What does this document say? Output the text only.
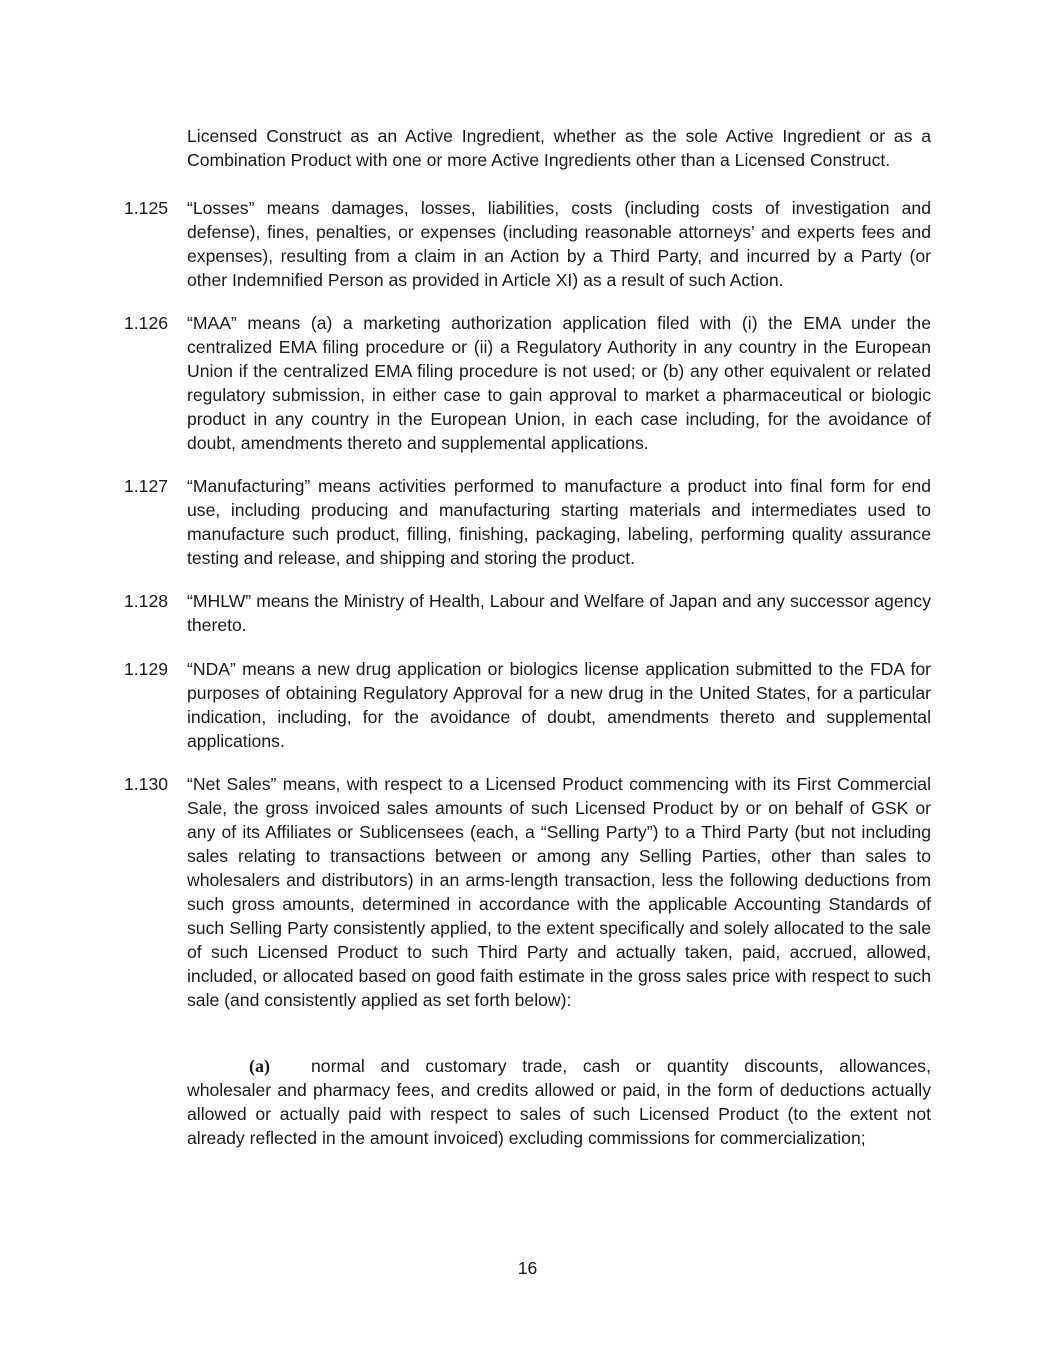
Licensed Construct as an Active Ingredient, whether as the sole Active Ingredient or as a Combination Product with one or more Active Ingredients other than a Licensed Construct.

1.125 “Losses” means damages, losses, liabilities, costs (including costs of investigation and defense), fines, penalties, or expenses (including reasonable attorneys’ and experts fees and expenses), resulting from a claim in an Action by a Third Party, and incurred by a Party (or other Indemnified Person as provided in Article XI) as a result of such Action.

1.126 “MAA” means (a) a marketing authorization application filed with (i) the EMA under the centralized EMA filing procedure or (ii) a Regulatory Authority in any country in the European Union if the centralized EMA filing procedure is not used; or (b) any other equivalent or related regulatory submission, in either case to gain approval to market a pharmaceutical or biologic product in any country in the European Union, in each case including, for the avoidance of doubt, amendments thereto and supplemental applications.

1.127 “Manufacturing” means activities performed to manufacture a product into final form for end use, including producing and manufacturing starting materials and intermediates used to manufacture such product, filling, finishing, packaging, labeling, performing quality assurance testing and release, and shipping and storing the product.

1.128 “MHLW” means the Ministry of Health, Labour and Welfare of Japan and any successor agency thereto.

1.129 “NDA” means a new drug application or biologics license application submitted to the FDA for purposes of obtaining Regulatory Approval for a new drug in the United States, for a particular indication, including, for the avoidance of doubt, amendments thereto and supplemental applications.

1.130 “Net Sales” means, with respect to a Licensed Product commencing with its First Commercial Sale, the gross invoiced sales amounts of such Licensed Product by or on behalf of GSK or any of its Affiliates or Sublicensees (each, a “Selling Party”) to a Third Party (but not including sales relating to transactions between or among any Selling Parties, other than sales to wholesalers and distributors) in an arms-length transaction, less the following deductions from such gross amounts, determined in accordance with the applicable Accounting Standards of such Selling Party consistently applied, to the extent specifically and solely allocated to the sale of such Licensed Product to such Third Party and actually taken, paid, accrued, allowed, included, or allocated based on good faith estimate in the gross sales price with respect to such sale (and consistently applied as set forth below):

(a) normal and customary trade, cash or quantity discounts, allowances, wholesaler and pharmacy fees, and credits allowed or paid, in the form of deductions actually allowed or actually paid with respect to sales of such Licensed Product (to the extent not already reflected in the amount invoiced) excluding commissions for commercialization;

16
